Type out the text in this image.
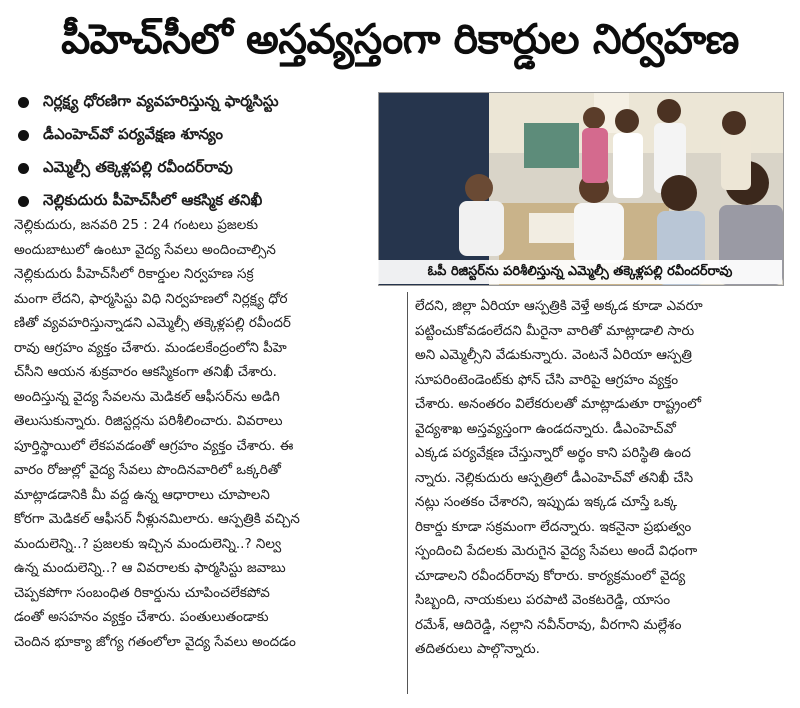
పీహెచ్‌సీలో అస్తవ్యస్తంగా రికార్డుల నిర్వహణ
నిర్లక్ష్య ధోరణిగా వ్యవహరిస్తున్న ఫార్మసిస్టు
డీఎంహెచ్‌వో పర్యవేక్షణ శూన్యం
ఎమ్మెల్సీ తక్కెళ్లపల్లి రవీందర్‌రావు
నెల్లికుదురు పీహెచ్‌సీలో ఆకస్మిక తనిఖీ
ఓపీ రిజిస్టర్‌ను పరిశీలిస్తున్న ఎమ్మెల్సీ తక్కెళ్లపల్లి రవీందర్‌రావు

నెల్లికుదురు, జనవరి 25 : 24 గంటలు ప్రజలకు

అందుబాటులో ఉంటూ వైద్య సేవలు అందించాల్సిన

నెల్లికుదురు పీహెచ్‌సీలో రికార్డుల నిర్వహణ సక్ర

మంగా లేదని, ఫార్మసిస్టు విధి నిర్వహణలో నిర్లక్ష్య ధోర

ణితో వ్యవహరిస్తున్నాడని ఎమ్మెల్సీ తక్కెళ్లపల్లి రవీందర్

రావు ఆగ్రహం వ్యక్తం చేశారు. మండలకేంద్రంలోని పీహె

చ్‌సీని ఆయన శుక్రవారం ఆకస్మికంగా తనిఖీ చేశారు.

అందిస్తున్న వైద్య సేవలను మెడికల్ ఆఫీసర్‌ను అడిగి

తెలుసుకున్నారు. రిజిస్టర్లను పరిశీలించారు. వివరాలు

పూర్తిస్థాయిలో లేకపవడంతో ఆగ్రహం వ్యక్తం చేశారు. ఈ

వారం రోజుల్లో వైద్య సేవలు పొందినవారిలో ఒక్కరితో

మాట్లాడడానికి మీ వద్ద ఉన్న ఆధారాలు చూపాలని

కోరగా మెడికల్ ఆఫీసర్ నీళ్లునమిలారు. ఆస్పత్రికి వచ్చిన

మందులెన్ని..? ప్రజలకు ఇచ్చిన మందులెన్ని..? నిల్వ

ఉన్న మందులెన్ని..? ఆ వివరాలకు ఫార్మసిస్టు జవాబు

చెప్పకపోగా సంబంధిత రికార్డును చూపించలేకపోవ

డంతో అసహనం వ్యక్తం చేశారు. పంతులుతండాకు

చెందిన భూక్యా జోగ్య గతంలోలా వైద్య సేవలు అందడం

లేదని, జిల్లా ఏరియా ఆస్పత్రికి వెళ్తే అక్కడ కూడా ఎవరూ

పట్టించుకోవడంలేదని మీరైనా వారితో మాట్లాడాలి సారు

అని ఎమ్మెల్సీని వేడుకున్నారు. వెంటనే ఏరియా ఆస్పత్రి

సూపరింటెండెంట్‌కు ఫోన్ చేసి వారిపై ఆగ్రహం వ్యక్తం

చేశారు. అనంతరం విలేకరులతో మాట్లాడుతూ రాష్ట్రంలో

వైద్యశాఖ అస్తవ్యస్తంగా ఉండదన్నారు. డీఎంహెచ్‌వో

ఎక్కడ పర్యవేక్షణ చేస్తున్నారో అర్థం కాని పరిస్థితి ఉంద

న్నారు. నెల్లికుదురు ఆస్పత్రిలో డీఎంహెచ్‌వో తనిఖీ చేసి

నట్లు సంతకం చేశారని, ఇప్పుడు ఇక్కడ చూస్తే ఒక్క

రికార్డు కూడా సక్రమంగా లేదన్నారు. ఇకనైనా ప్రభుత్వం

స్పందించి పేదలకు మెరుగైన వైద్య సేవలు అందే విధంగా

చూడాలని రవీందర్‌రావు కోరారు. కార్యక్రమంలో వైద్య

సిబ్బంది, నాయకులు పరపాటి వెంకటరెడ్డి, యాసం

రమేశ్, ఆదిరెడ్డి, నల్లాని నవీన్‌రావు, వీరగాని మల్లేశం

తదితరులు పాల్గొన్నారు.
